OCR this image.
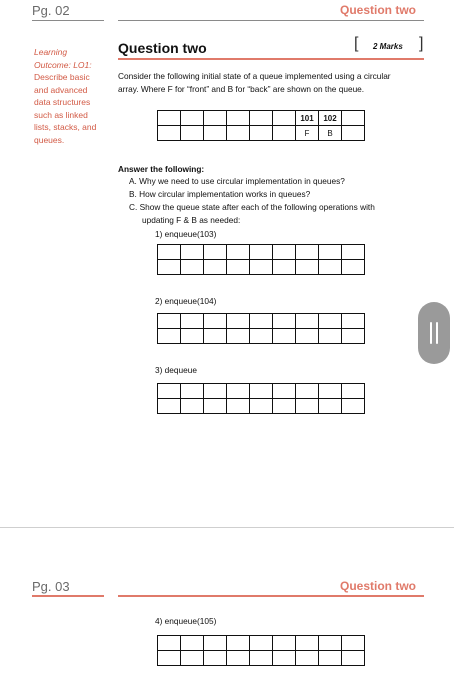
Pg. 02	Question two
Learning Outcome: LO1: Describe basic and advanced data structures such as linked lists, stacks, and queues.
Question two	[ 2 Marks ]
Consider the following initial state of a queue implemented using a circular
array. Where F for “front” and B for “back” are shown on the queue.
						101	102	
						F	B	
Answer the following:
A. Why we need to use circular implementation in queues?
B. How circular implementation works in queues?
C. Show the queue state after each of the following operations with
updating F & B as needed:
1) enqueue(103)

2) enqueue(104)

3) dequeue

Pg. 03	Question two
4) enqueue(105)
